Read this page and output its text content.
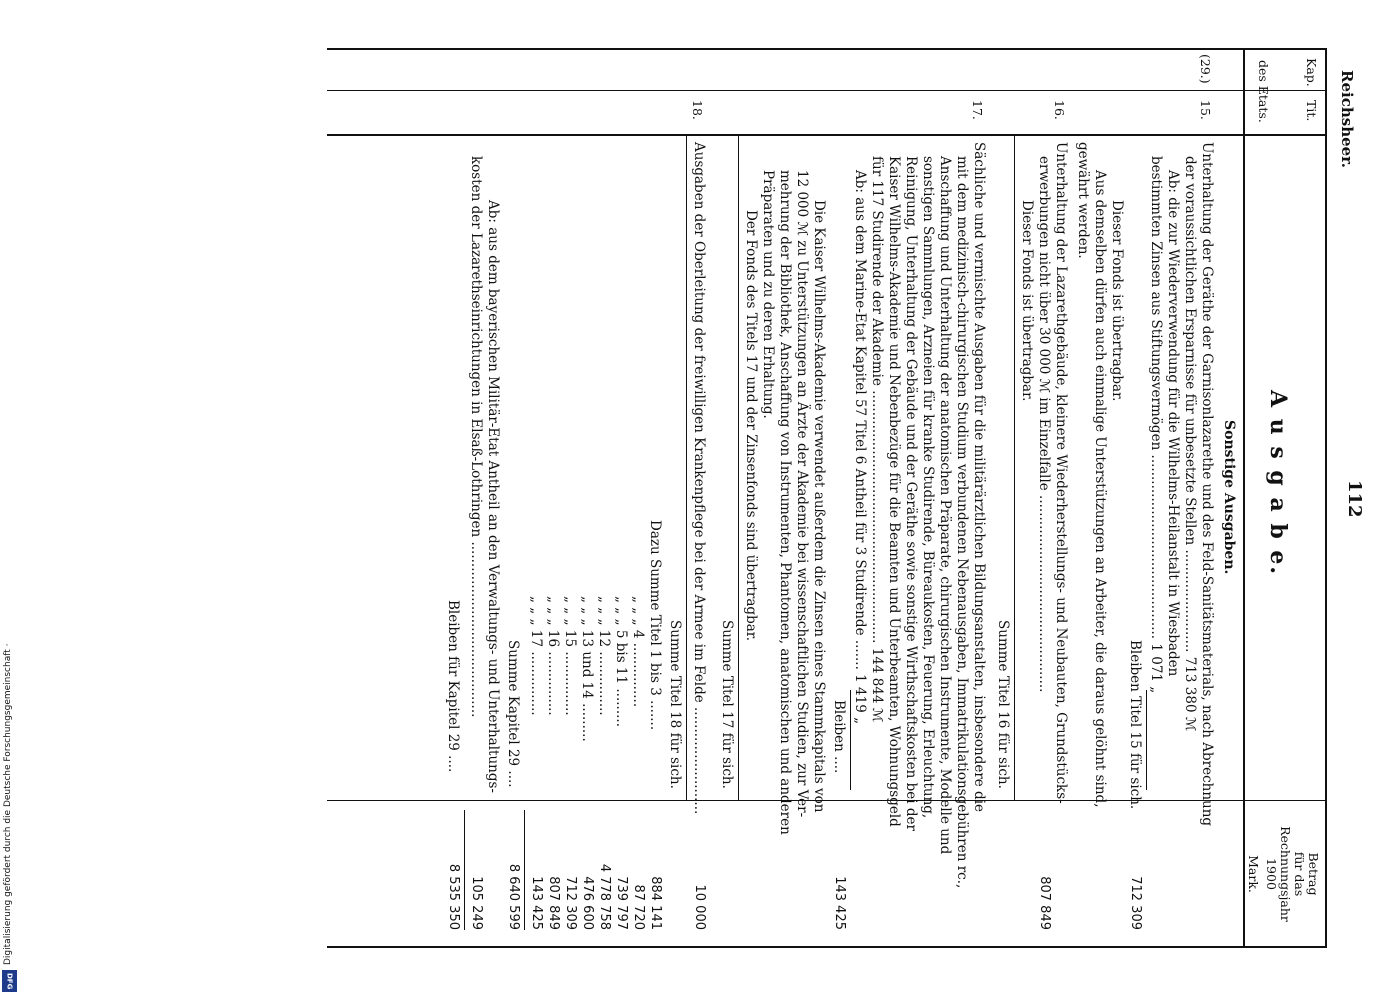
Reichsheer.
112
Kap.
Tit.
des Etats.
A u s g a b e.
Betrag
für das
Rechnungsjahr
1900
Mark.
Sonstige Ausgaben.
(29.)
15.
Unterhaltung der Geräthe der Garnisonlazarethe und des Feld-Sanitätsmaterials, nach Abrechnung
der voraussichtlichen Ersparnisse für unbesetzte Stellen ........................ 713 380 ℳ
Ab: die zur Wiederverwendung für die Wilhelms-Heilanstalt in Wiesbaden
bestimmten Zinsen aus Stiftungsvermögen ........................................... 1 071 „
Bleiben Titel 15 für sich.
712 309
Dieser Fonds ist übertragbar.
Aus demselben dürfen auch einmalige Unterstützungen an Arbeiter, die daraus gelöhnt sind,
gewährt werden.
16.
Unterhaltung der Lazarethgebäude, kleinere Wiederherstellungs- und Neubauten, Grundstücks-
erwerbungen nicht über 30 000 ℳ im Einzelfalle ..............................................
807 849
Dieser Fonds ist übertragbar.
Summe Titel 16 für sich.
17.
Sächliche und vermischte Ausgaben für die militärärztlichen Bildungsanstalten, insbesondere die
mit dem medizinisch-chirurgischen Studium verbundenen Nebenausgaben, Immatrikulationsgebühren rc.,
Anschaffung und Unterhaltung der anatomischen Präparate, chirurgischen Instrumente, Modelle und
sonstigen Sammlungen, Arzneien für kranke Studirende, Büreaukosten, Feuerung, Erleuchtung,
Reinigung, Unterhaltung der Gebäude und der Geräthe sowie sonstige Wirthschaftskosten bei der
Kaiser Wilhelms-Akademie und Nebenbezüge für die Beamten und Unterbeamten, Wohnungsgeld
für 117 Studirende der Akademie ........................................................... 144 844 ℳ
Ab: aus dem Marine-Etat Kapitel 57 Titel 6 Antheil für 3 Studirende ....... 1 419 „
Bleiben ....
143 425
Die Kaiser Wilhelms-Akademie verwendet außerdem die Zinsen eines Stammkapitals von
12 000 ℳ zu Unterstützungen an Ärzte der Akademie bei wissenschaftlichen Studien, zur Ver-
mehrung der Bibliothek, Anschaffung von Instrumenten, Phantomen, anatomischen und anderen
Präparaten und zu deren Erhaltung.
Der Fonds des Titels 17 und der Zinsenfonds sind übertragbar.
Summe Titel 17 für sich.
18.
Ausgaben der Oberleitung der freiwilligen Krankenpflege bei der Armee im Felde .........................
10 000
Summe Titel 18 für sich.
Dazu Summe Titel 1 bis 3 .......
„ „ „ 4 ...............
884 141
„ „ „ 5 bis 11 .........
87 720
„ „ „ 12 ...............
739 797
„ „ „ 13 und 14 .........
4 778 758
„ „ „ 15 ...............
476 600
„ „ „ 16 ...............
712 309
„ „ „ 17 ...............
807 849
143 425
Summe Kapitel 29 ....
8 640 599
Ab: aus dem bayerischen Militär-Etat Antheil an den Verwaltungs- und Unterhaltungs-
kosten der Lazarethseinrichtungen in Elsaß-Lothringen .........................................
105 249
Bleiben für Kapitel 29 ....
8 535 350
Digitalisierung gefördert durch die Deutsche Forschungsgemeinschaft ·
DFG
